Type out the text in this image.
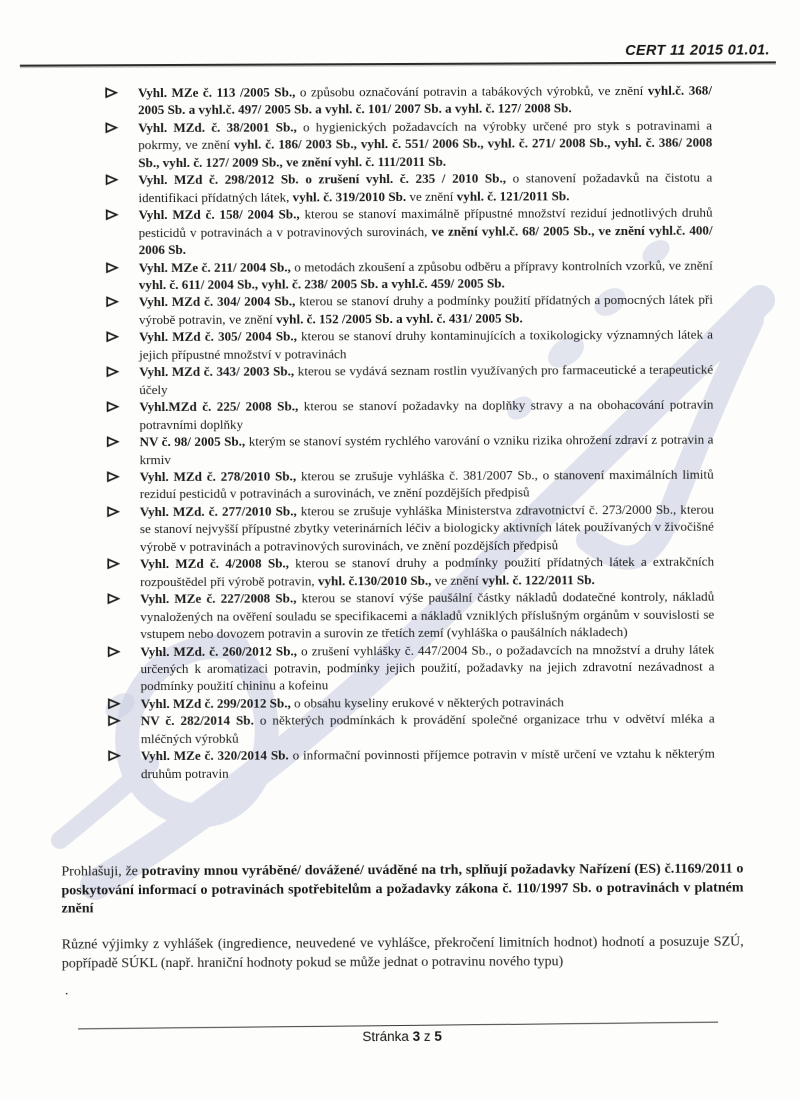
CERT 11 2015 01.01.
Vyhl. MZe č. 113 /2005 Sb., o způsobu označování potravin a tabákových výrobků, ve znění vyhl.č. 368/ 2005 Sb. a vyhl.č. 497/ 2005 Sb. a vyhl. č. 101/ 2007 Sb. a vyhl. č. 127/ 2008 Sb.
Vyhl. MZd. č. 38/2001 Sb., o hygienických požadavcích na výrobky určené pro styk s potravinami a pokrmy, ve znění vyhl. č. 186/ 2003 Sb., vyhl. č. 551/ 2006 Sb., vyhl. č. 271/ 2008 Sb., vyhl. č. 386/ 2008 Sb., vyhl. č. 127/ 2009 Sb., ve znění vyhl. č. 111/2011 Sb.
Vyhl. MZd č. 298/2012 Sb. o zrušení vyhl. č. 235 / 2010 Sb., o stanovení požadavků na čistotu a identifikaci přídatných látek, vyhl. č. 319/2010 Sb. ve znění vyhl. č. 121/2011 Sb.
Vyhl. MZd č. 158/ 2004 Sb., kterou se stanoví maximálně přípustné množství reziduí jednotlivých druhů pesticidů v potravinách a v potravinových surovinách, ve znění vyhl.č. 68/ 2005 Sb., ve znění vyhl.č. 400/ 2006 Sb.
Vyhl. MZe č. 211/ 2004 Sb., o metodách zkoušení a způsobu odběru a přípravy kontrolních vzorků, ve znění vyhl. č. 611/ 2004 Sb., vyhl. č. 238/ 2005 Sb. a vyhl.č. 459/ 2005 Sb.
Vyhl. MZd č. 304/ 2004 Sb., kterou se stanoví druhy a podmínky použití přídatných a pomocných látek při výrobě potravin, ve znění vyhl. č. 152 /2005 Sb. a vyhl. č. 431/ 2005 Sb.
Vyhl. MZd č. 305/ 2004 Sb., kterou se stanoví druhy kontaminujících a toxikologicky významných látek a jejich přípustné množství v potravinách
Vyhl. MZd č. 343/ 2003 Sb., kterou se vydává seznam rostlin využívaných pro farmaceutické a terapeutické účely
Vyhl.MZd č. 225/ 2008 Sb., kterou se stanoví požadavky na doplňky stravy a na obohacování potravin potravními doplňky
NV č. 98/ 2005 Sb., kterým se stanoví systém rychlého varování o vzniku rizika ohrožení zdraví z potravin a krmiv
Vyhl. MZd č. 278/2010 Sb., kterou se zrušuje vyhláška č. 381/2007 Sb., o stanovení maximálních limitů reziduí pesticidů v potravinách a surovinách, ve znění pozdějších předpisů
Vyhl. MZd. č. 277/2010 Sb., kterou se zrušuje vyhláška Ministerstva zdravotnictví č. 273/2000 Sb., kterou se stanoví nejvyšší přípustné zbytky veterinárních léčiv a biologicky aktivních látek používaných v živočišné výrobě v potravinách a potravinových surovinách, ve znění pozdějších předpisů
Vyhl. MZd č. 4/2008 Sb., kterou se stanoví druhy a podmínky použití přídatných látek a extrakčních rozpouštědel při výrobě potravin, vyhl. č.130/2010 Sb., ve znění vyhl. č. 122/2011 Sb.
Vyhl. MZe č. 227/2008 Sb., kterou se stanoví výše paušální částky nákladů dodatečné kontroly, nákladů vynaložených na ověření souladu se specifikacemi a nákladů vzniklých příslušným orgánům v souvislosti se vstupem nebo dovozem potravin a surovin ze třetích zemí (vyhláška o paušálních nákladech)
Vyhl. MZd. č. 260/2012 Sb., o zrušení vyhlášky č. 447/2004 Sb., o požadavcích na množství a druhy látek určených k aromatizaci potravin, podmínky jejich použití, požadavky na jejich zdravotní nezávadnost a podmínky použití chininu a kofeinu
Vyhl. MZd č. 299/2012 Sb., o obsahu kyseliny erukové v některých potravinách
NV č. 282/2014 Sb. o některých podmínkách k provádění společné organizace trhu v odvětví mléka a mléčných výrobků
Vyhl. MZe č. 320/2014 Sb. o informační povinnosti příjemce potravin v místě určení ve vztahu k některým druhům potravin

Prohlašuji, že potraviny mnou vyráběné/ dovážené/ uváděné na trh, splňují požadavky Nařízení (ES) č.1169/2011 o poskytování informací o potravinách spotřebitelům a požadavky zákona č. 110/1997 Sb. o potravinách v platném znění

Různé výjimky z vyhlášek (ingredience, neuvedené ve vyhlášce, překročení limitních hodnot) hodnotí a posuzuje SZÚ, popřípadě SÚKL (např. hraniční hodnoty pokud se může jednat o potravinu nového typu)

.
Stránka 3 z 5
